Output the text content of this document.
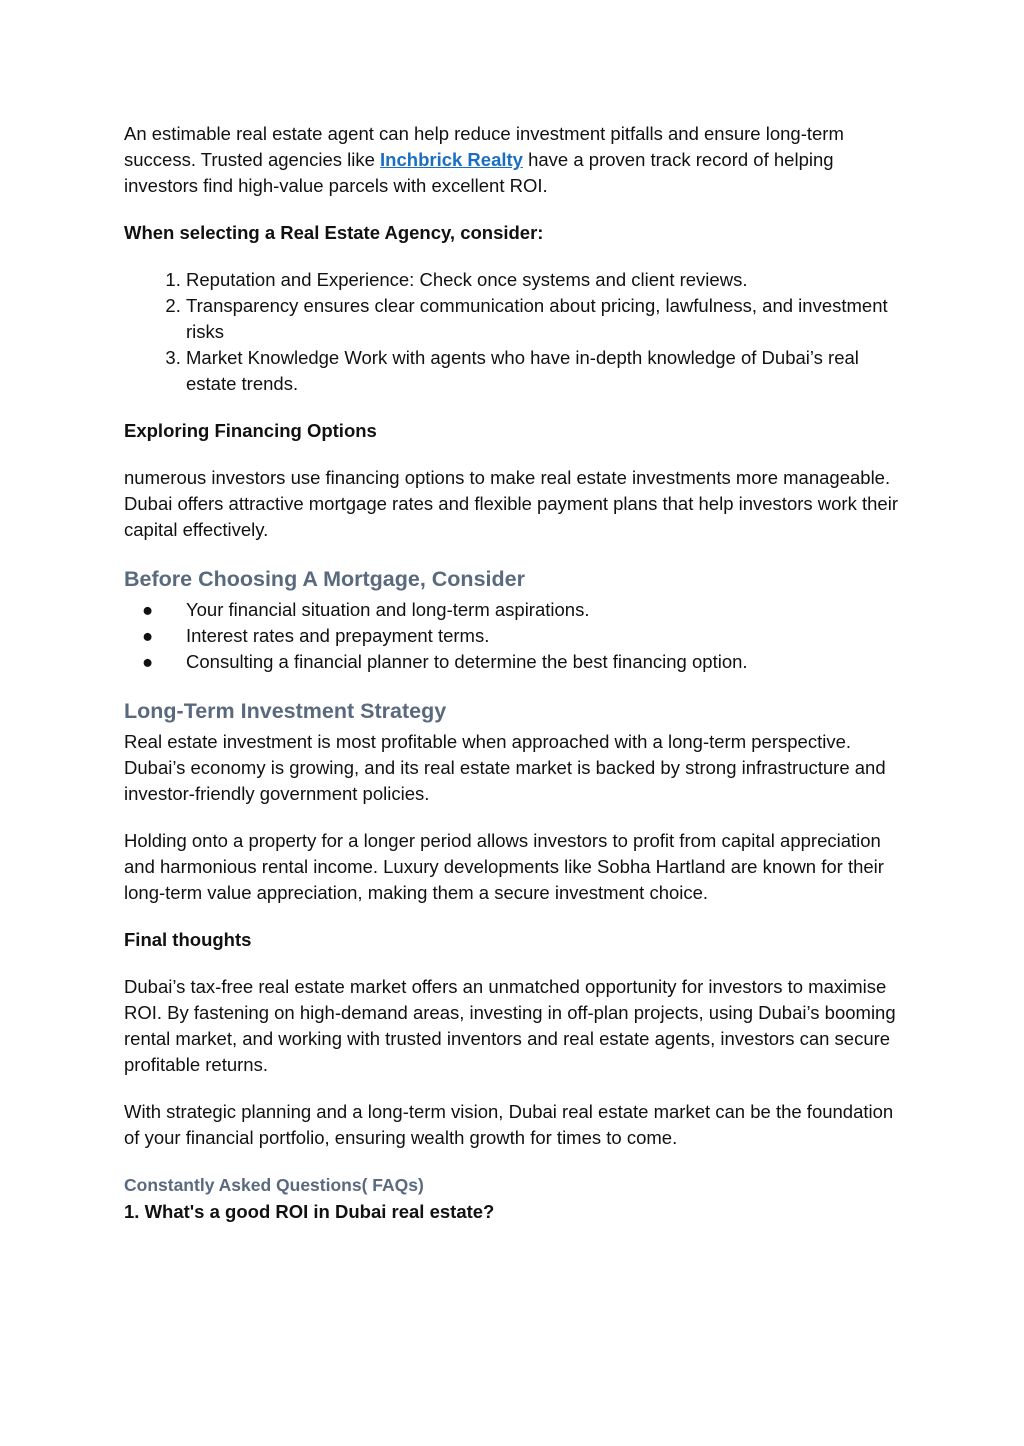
An estimable real estate agent can help reduce investment pitfalls and ensure long-term success. Trusted agencies like Inchbrick Realty have a proven track record of helping investors find high-value parcels with excellent ROI.

When selecting a Real Estate Agency, consider:

1. Reputation and Experience: Check once systems and client reviews.
2. Transparency ensures clear communication about pricing, lawfulness, and investment risks
3. Market Knowledge Work with agents who have in-depth knowledge of Dubai’s real estate trends.

Exploring Financing Options

numerous investors use financing options to make real estate investments more manageable. Dubai offers attractive mortgage rates and flexible payment plans that help investors work their capital effectively.

Before Choosing A Mortgage, Consider
● Your financial situation and long-term aspirations.
● Interest rates and prepayment terms.
● Consulting a financial planner to determine the best financing option.
Long-Term Investment Strategy

Real estate investment is most profitable when approached with a long-term perspective. Dubai’s economy is growing, and its real estate market is backed by strong infrastructure and investor-friendly government policies.

Holding onto a property for a longer period allows investors to profit from capital appreciation and harmonious rental income. Luxury developments like Sobha Hartland are known for their long-term value appreciation, making them a secure investment choice.

Final thoughts

Dubai’s tax-free real estate market offers an unmatched opportunity for investors to maximise ROI. By fastening on high-demand areas, investing in off-plan projects, using Dubai’s booming rental market, and working with trusted inventors and real estate agents, investors can secure profitable returns.

With strategic planning and a long-term vision, Dubai real estate market can be the foundation of your financial portfolio, ensuring wealth growth for times to come.

Constantly Asked Questions( FAQs)

1. What's a good ROI in Dubai real estate?
